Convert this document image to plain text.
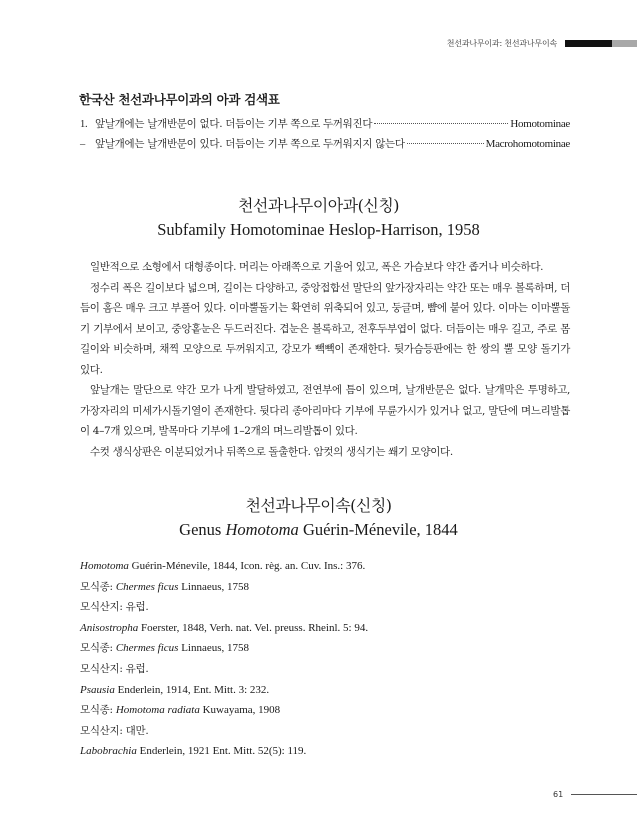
천선과나무이과: 천선과나무이속
한국산 천선과나무이과의 아과 검색표
1. 앞날개에는 날개반문이 없다. 더듬이는 기부 쪽으로 두꺼워진다	Homotominae
– 앞날개에는 날개반문이 있다. 더듬이는 기부 쪽으로 두꺼워지지 않는다	Macrohomotominae
천선과나무이아과(신칭)
Subfamily Homotominae Heslop-Harrison, 1958

일반적으로 소형에서 대형종이다. 머리는 아래쪽으로 기울어 있고, 폭은 가슴보다 약간 좁거나 비슷하다.

정수리 폭은 길이보다 넓으며, 길이는 다양하고, 중앙접합선 말단의 앞가장자리는 약간 또는 매우 볼록하며, 더듬이 홈은 매우 크고 부풀어 있다. 이마뿔돌기는 확연히 위축되어 있고, 둥글며, 뺨에 붙어 있다. 이마는 이마뿔돌기 기부에서 보이고, 중앙홑눈은 두드러진다. 겹눈은 볼록하고, 전후두부엽이 없다. 더듬이는 매우 길고, 주로 몸 길이와 비슷하며, 채찍 모양으로 두꺼워지고, 강모가 빽빽이 존재한다. 뒷가슴등판에는 한 쌍의 뿔 모양 돌기가 있다.

앞날개는 말단으로 약간 모가 나게 발달하였고, 전연부에 틈이 있으며, 날개반문은 없다. 날개막은 투명하고, 가장자리의 미세가시돌기열이 존재한다. 뒷다리 종아리마다 기부에 무륜가시가 있거나 없고, 말단에 며느리발톱이 4–7개 있으며, 발목마다 기부에 1–2개의 며느리발톱이 있다.

수컷 생식상판은 이분되었거나 뒤쪽으로 돌출한다. 암컷의 생식기는 쐐기 모양이다.

천선과나무이속(신칭)
Genus Homotoma Guérin-Ménevile, 1844
Homotoma Guérin-Ménevile, 1844, Icon. règ. an. Cuv. Ins.: 376.
모식종: Chermes ficus Linnaeus, 1758
모식산지: 유럽.
Anisostropha Foerster, 1848, Verh. nat. Vel. preuss. Rheinl. 5: 94.
모식종: Chermes ficus Linnaeus, 1758
모식산지: 유럽.
Psausia Enderlein, 1914, Ent. Mitt. 3: 232.
모식종: Homotoma radiata Kuwayama, 1908
모식산지: 대만.
Labobrachia Enderlein, 1921 Ent. Mitt. 52(5): 119.
61
